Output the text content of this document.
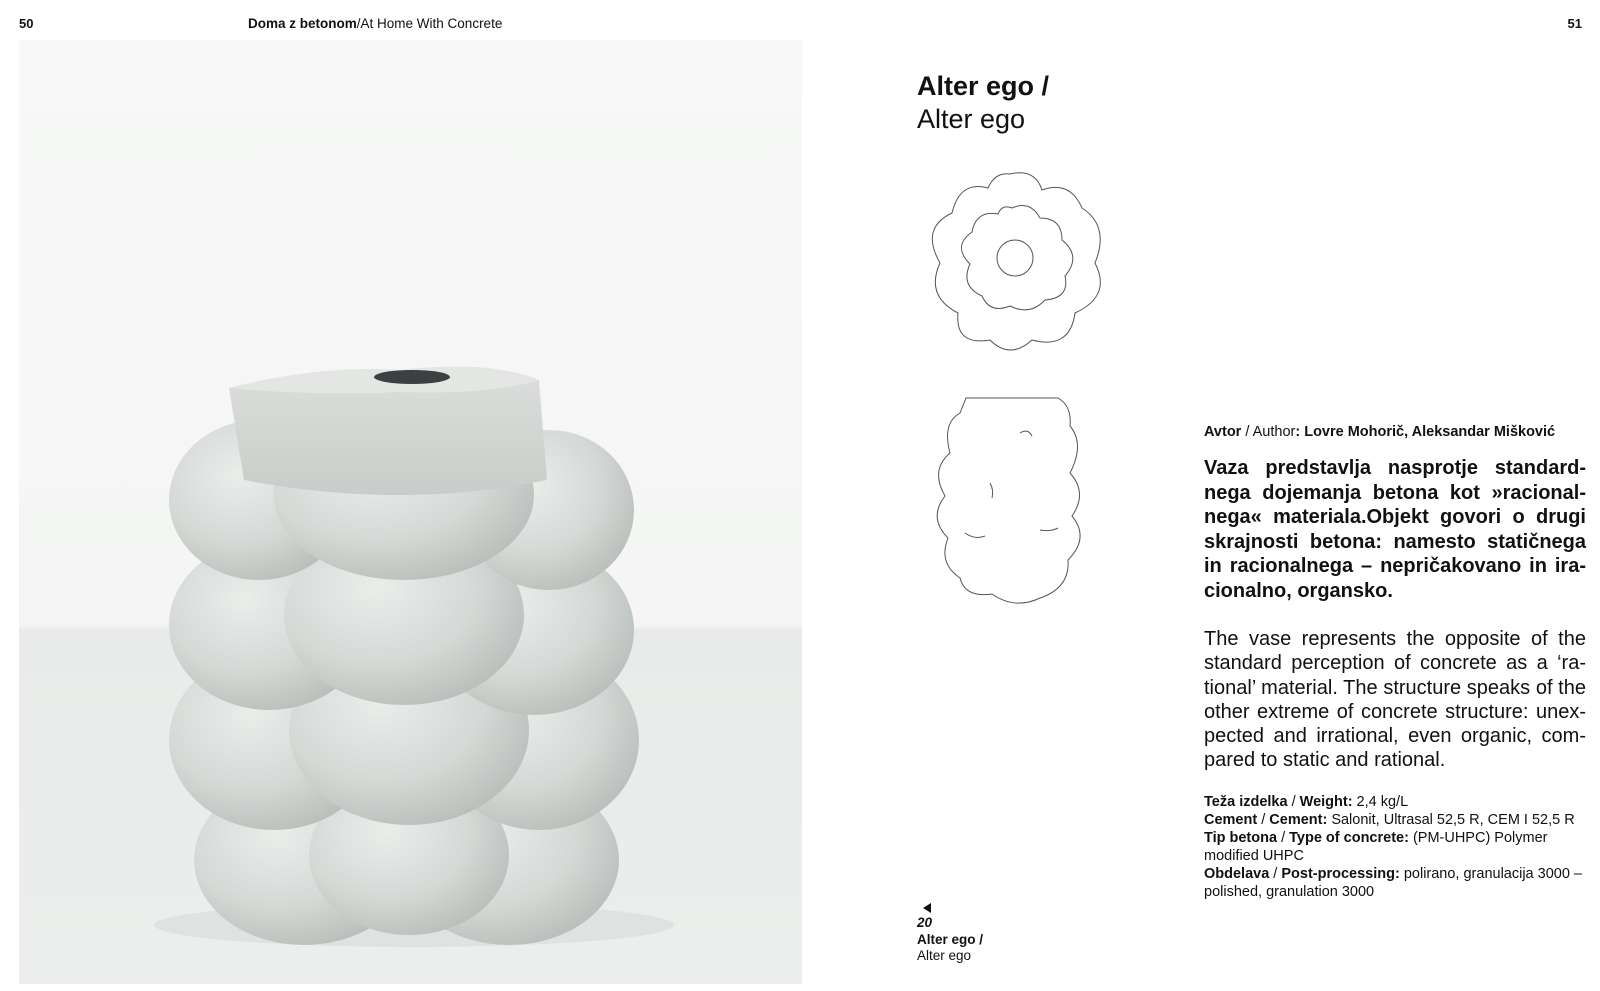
50	Doma z betonom/At Home With Concrete	51
Alter ego /
Alter ego
Avtor / Author: Lovre Mohorič, Aleksandar Mišković
Vaza predstavlja nasprotje standard-nega dojemanja betona kot »racional-nega« materiala.Objekt govori o drugi skrajnosti betona: namesto statičnega in racionalnega – nepričakovano in ira-cionalno, organsko.
The vase represents the opposite of the standard perception of concrete as a ‘ra-tional’ material. The structure speaks of the other extreme of concrete structure: unex-pected and irrational, even organic, com-pared to static and rational.
Teža izdelka / Weight: 2,4 kg/L
Cement / Cement: Salonit, Ultrasal 52,5 R, CEM I 52,5 R
Tip betona / Type of concrete: (PM-UHPC) Polymer modified UHPC
Obdelava / Post-processing: polirano, granulacija 3000 – polished, granulation 3000
20
Alter ego /
Alter ego
